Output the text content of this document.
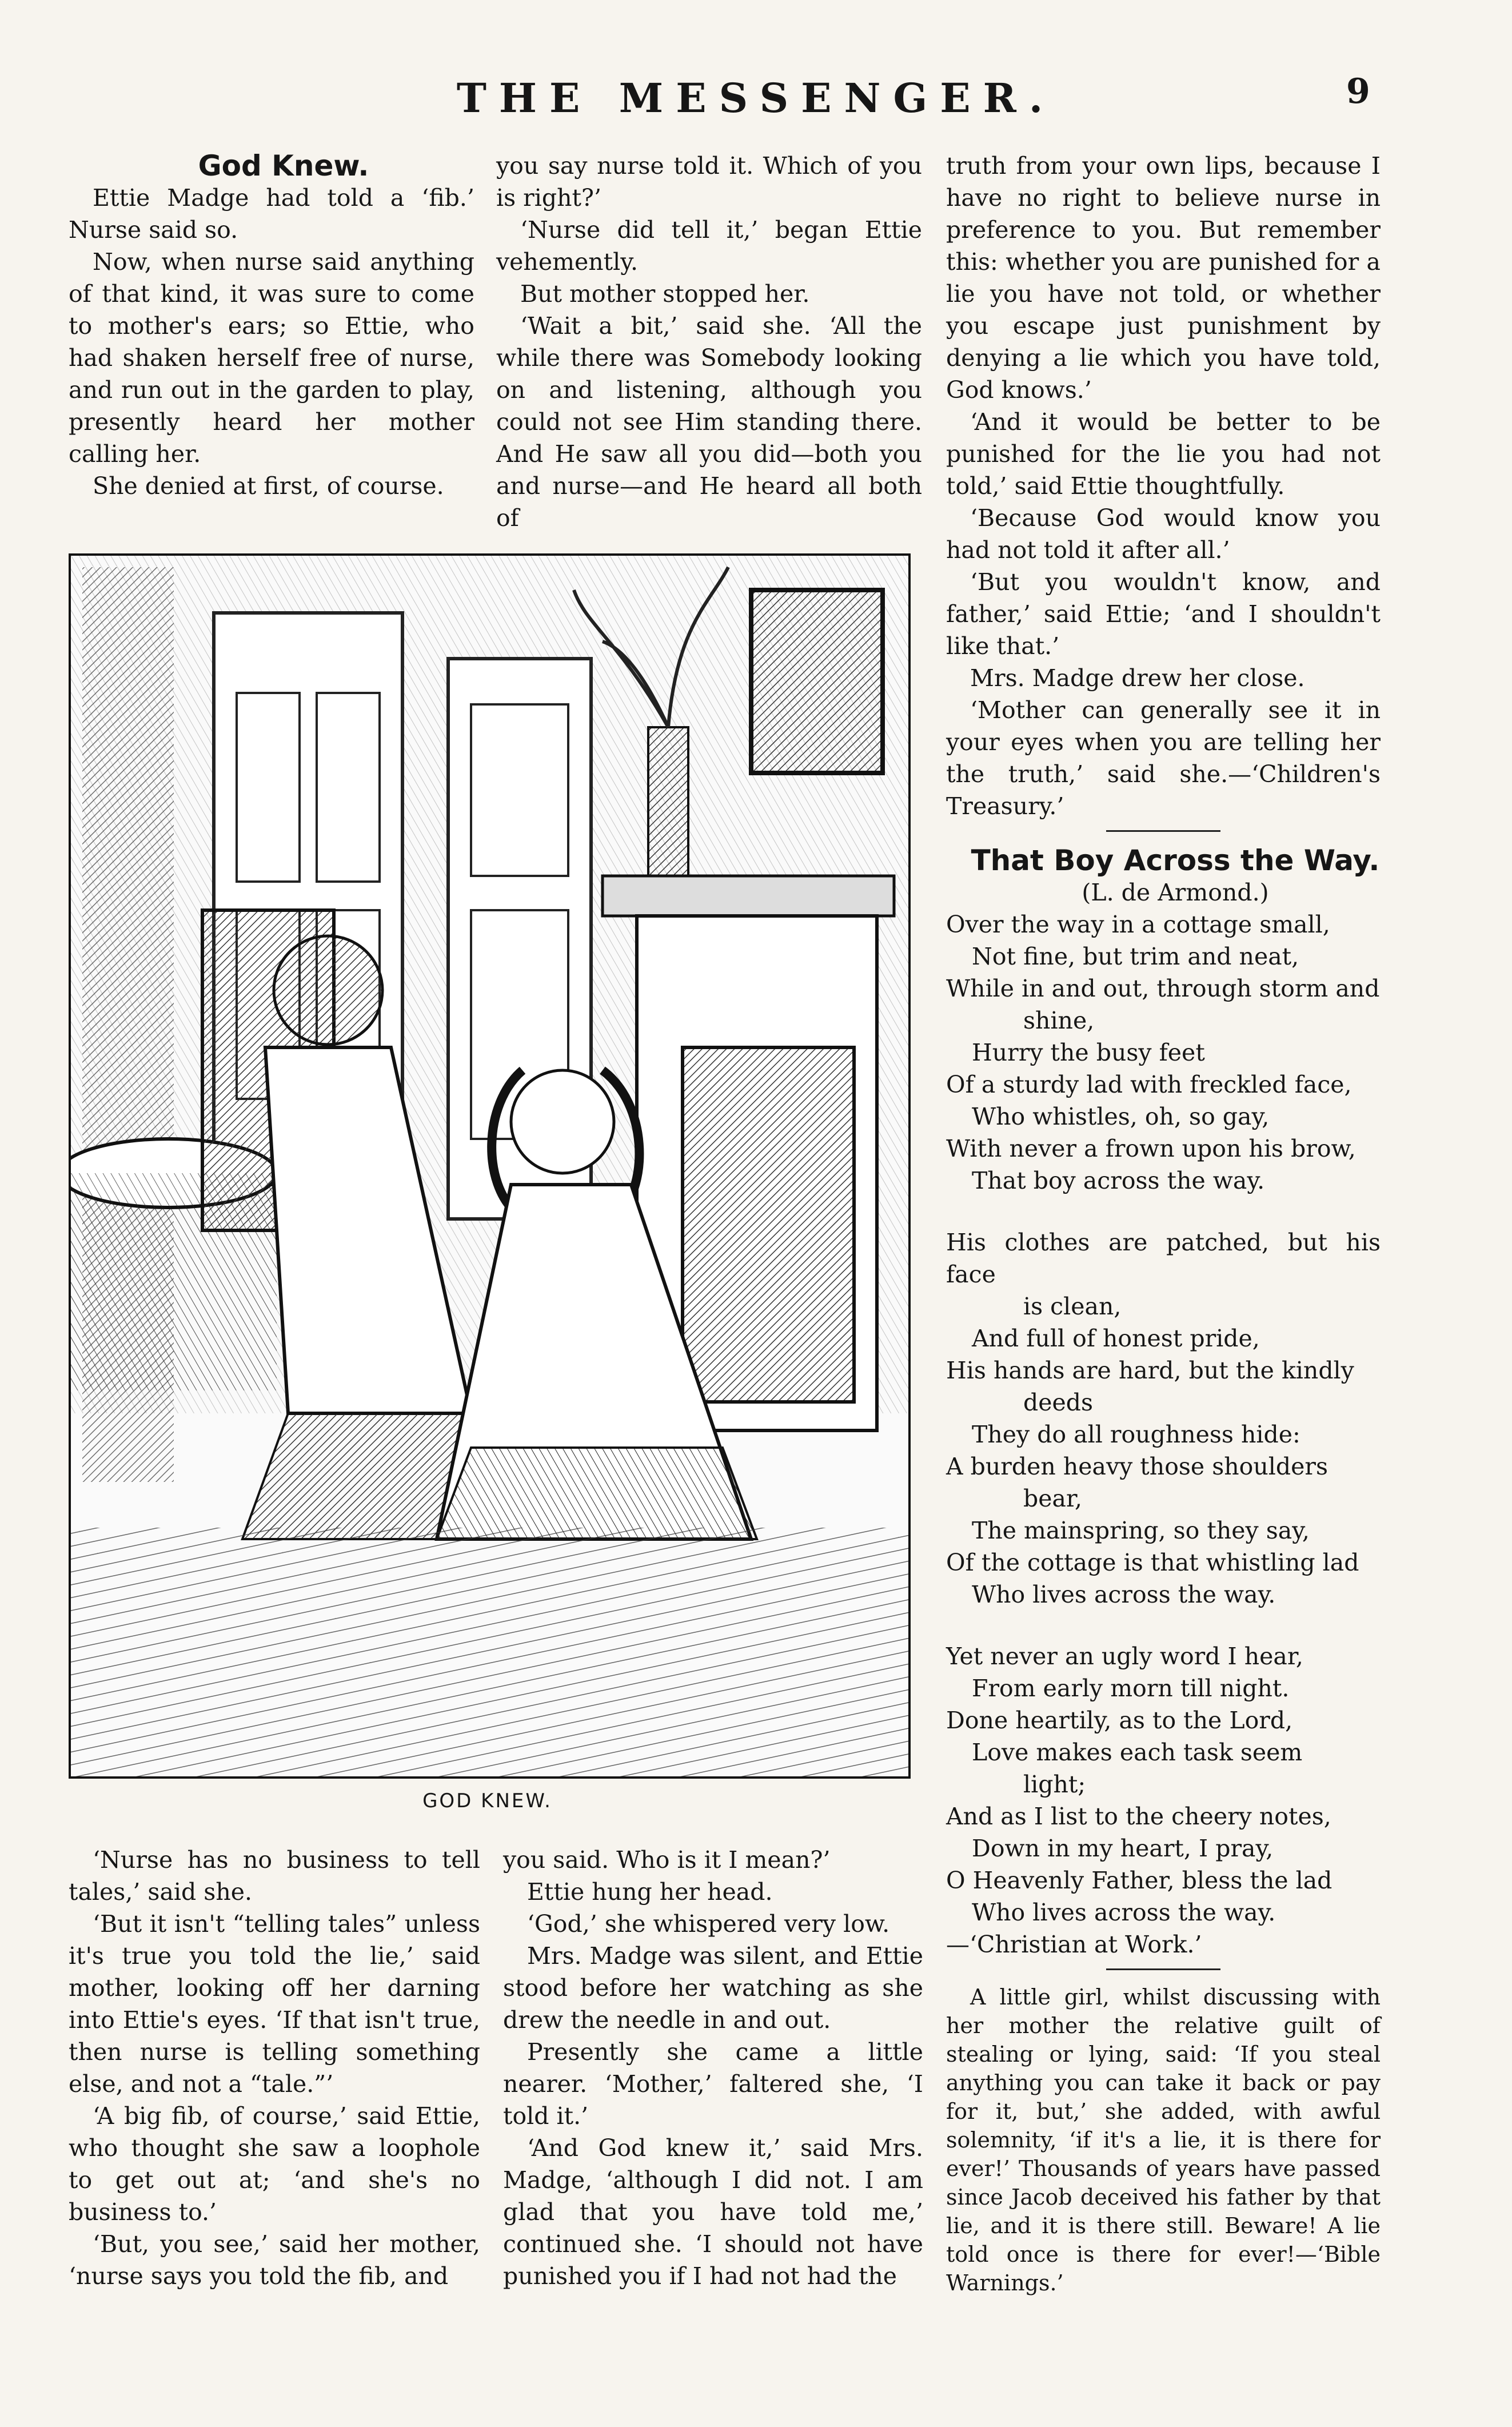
THE MESSENGER.	9

God Knew.

Ettie Madge had told a ‘fib.’ Nurse said so.

Now, when nurse said anything of that kind, it was sure to come to mother's ears; so Ettie, who had shaken herself free of nurse, and run out in the garden to play, presently heard her mother calling her.

She denied at first, of course.

you say nurse told it. Which of you is right?’

‘Nurse did tell it,’ began Ettie vehemently.

But mother stopped her.

‘Wait a bit,’ said she. ‘All the while there was Somebody looking on and listening, although you could not see Him standing there. And He saw all you did—both you and nurse—and He heard all both of

GOD KNEW.

‘Nurse has no business to tell tales,’ said she.

‘But it isn't “telling tales” unless it's true you told the lie,’ said mother, looking off her darning into Ettie's eyes. ‘If that isn't true, then nurse is telling something else, and not a “tale.”’

‘A big fib, of course,’ said Ettie, who thought she saw a loophole to get out at; ‘and she's no business to.’

‘But, you see,’ said her mother, ‘nurse says you told the fib, and

you said. Who is it I mean?’

Ettie hung her head.

‘God,’ she whispered very low.

Mrs. Madge was silent, and Ettie stood before her watching as she drew the needle in and out.

Presently she came a little nearer. ‘Mother,’ faltered she, ‘I told it.’

‘And God knew it,’ said Mrs. Madge, ‘although I did not. I am glad that you have told me,’ continued she. ‘I should not have punished you if I had not had the

truth from your own lips, because I have no right to believe nurse in preference to you. But remember this: whether you are punished for a lie you have not told, or whether you escape just punishment by denying a lie which you have told, God knows.’

‘And it would be better to be punished for the lie you had not told,’ said Ettie thoughtfully.

‘Because God would know you had not told it after all.’

‘But you wouldn't know, and father,’ said Ettie; ‘and I shouldn't like that.’

Mrs. Madge drew her close.

‘Mother can generally see it in your eyes when you are telling her the truth,’ said she.—‘Children's Treasury.’

That Boy Across the Way.

(L. de Armond.)

Over the way in a cottage small,

Not fine, but trim and neat,

While in and out, through storm and

shine,

Hurry the busy feet

Of a sturdy lad with freckled face,

Who whistles, oh, so gay,

With never a frown upon his brow,

That boy across the way.

His clothes are patched, but his face

is clean,

And full of honest pride,

His hands are hard, but the kindly

deeds

They do all roughness hide:

A burden heavy those shoulders

bear,

The mainspring, so they say,

Of the cottage is that whistling lad

Who lives across the way.

Yet never an ugly word I hear,

From early morn till night.

Done heartily, as to the Lord,

Love makes each task seem

light;

And as I list to the cheery notes,

Down in my heart, I pray,

O Heavenly Father, bless the lad

Who lives across the way.

—‘Christian at Work.’

A little girl, whilst discussing with her mother the relative guilt of stealing or lying, said: ‘If you steal anything you can take it back or pay for it, but,’ she added, with awful solemnity, ‘if it's a lie, it is there for ever!’ Thousands of years have passed since Jacob deceived his father by that lie, and it is there still. Beware! A lie told once is there for ever!—‘Bible Warnings.’
